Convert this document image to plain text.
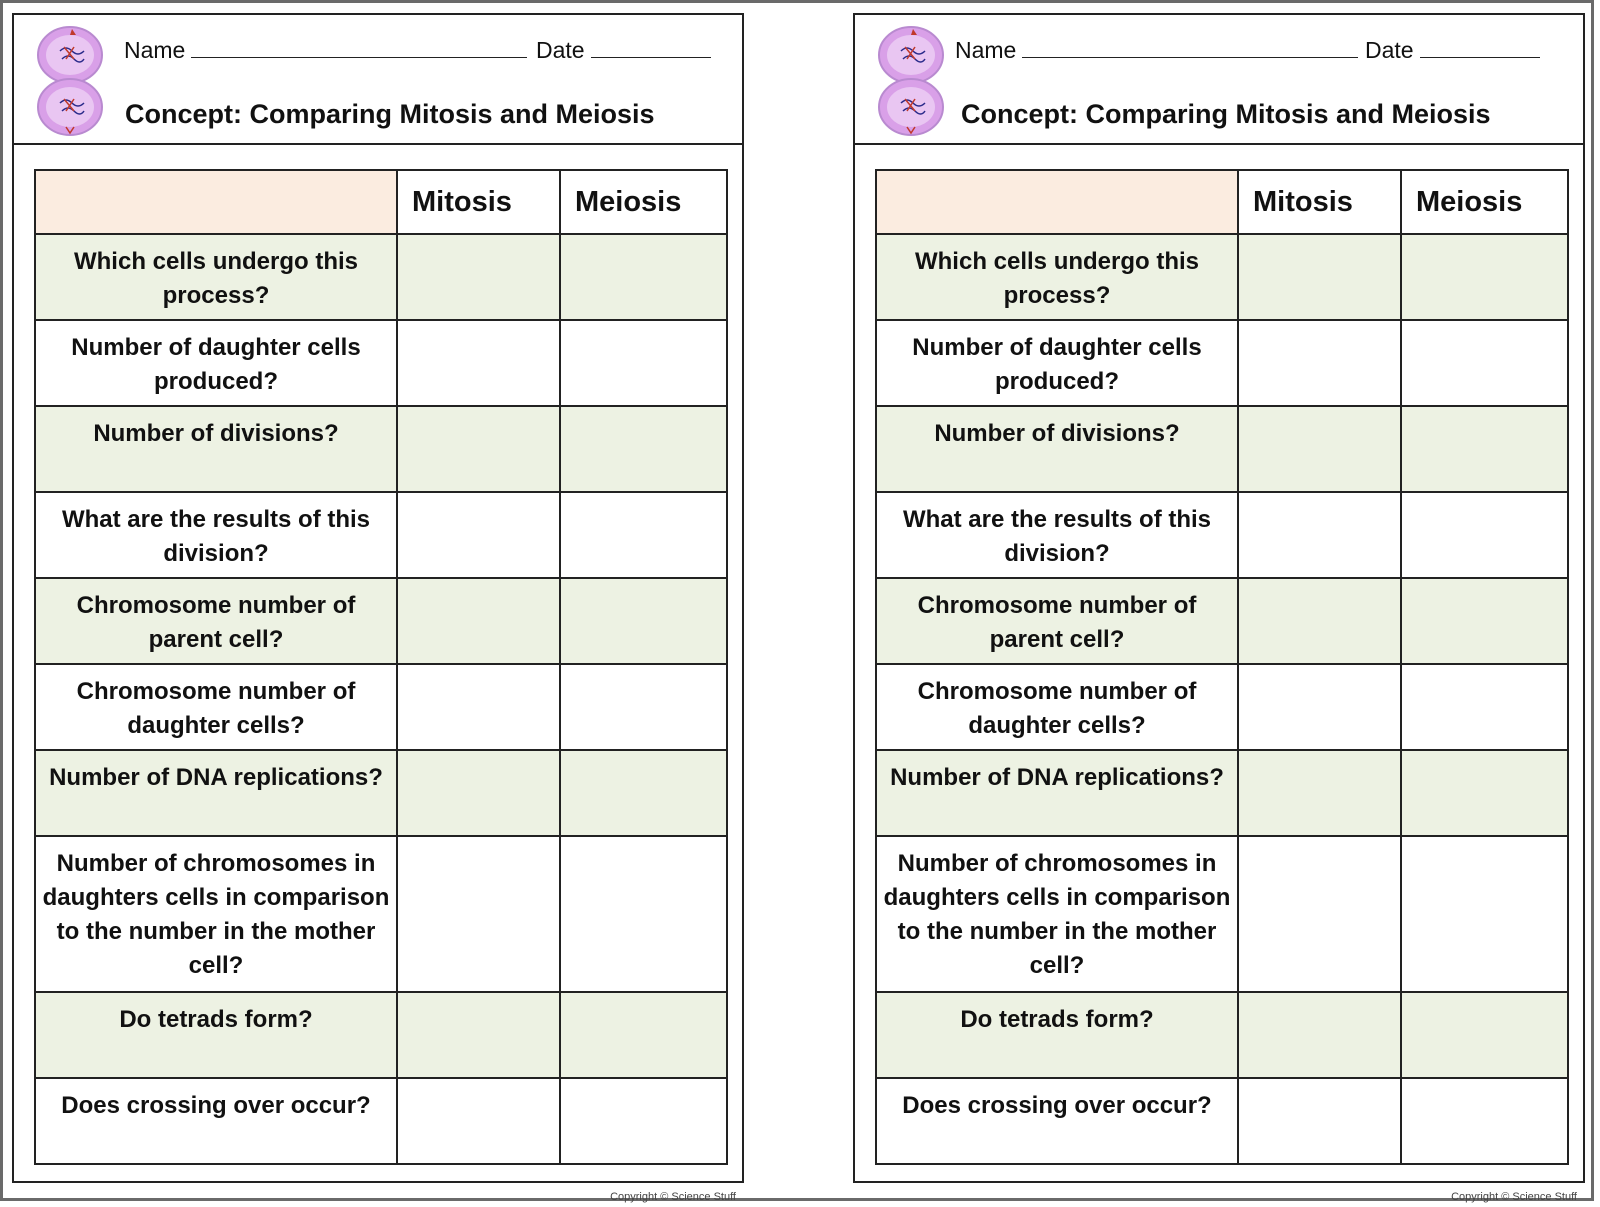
Name	Date
Concept: Comparing Mitosis and Meiosis
	Mitosis	Meiosis
Which cells undergo this process?		
Number of daughter cells produced?		
Number of divisions?		
What are the results of this division?		
Chromosome number of parent cell?		
Chromosome number of daughter cells?		
Number of DNA replications?		
Number of chromosomes in daughters cells in comparison to the number in the mother cell?		
Do tetrads form?		
Does crossing over occur?		
Copyright © Science Stuff
Name	Date
Concept: Comparing Mitosis and Meiosis
	Mitosis	Meiosis
Which cells undergo this process?		
Number of daughter cells produced?		
Number of divisions?		
What are the results of this division?		
Chromosome number of parent cell?		
Chromosome number of daughter cells?		
Number of DNA replications?		
Number of chromosomes in daughters cells in comparison to the number in the mother cell?		
Do tetrads form?		
Does crossing over occur?		
Copyright © Science Stuff
